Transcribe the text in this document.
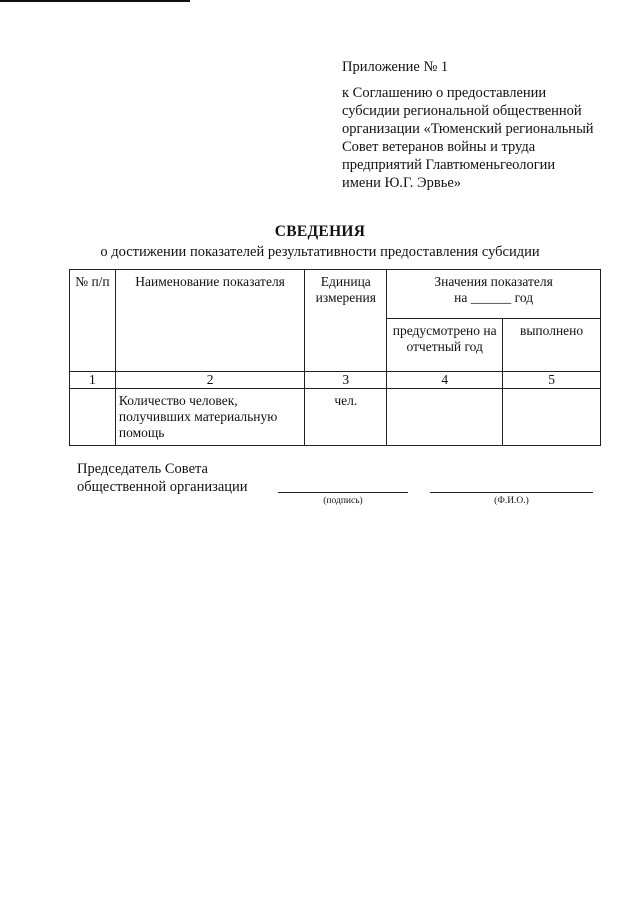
Приложение № 1
к Соглашению о предоставлении
субсидии региональной общественной
организации «Тюменский региональный
Совет ветеранов войны и труда
предприятий Главтюменьгеологии
имени Ю.Г. Эрвье»
СВЕДЕНИЯ
о достижении показателей результативности предоставления субсидии
№ п/п	Наименование показателя	Единица измерения	Значения показателя
на ______ год	

			предусмотрено на отчетный год	выполнено
1	2	3	4	5
	Количество человек, получивших материальную помощь	чел.		
Председатель Совета
общественной организации
(подпись)	(Ф.И.О.)
